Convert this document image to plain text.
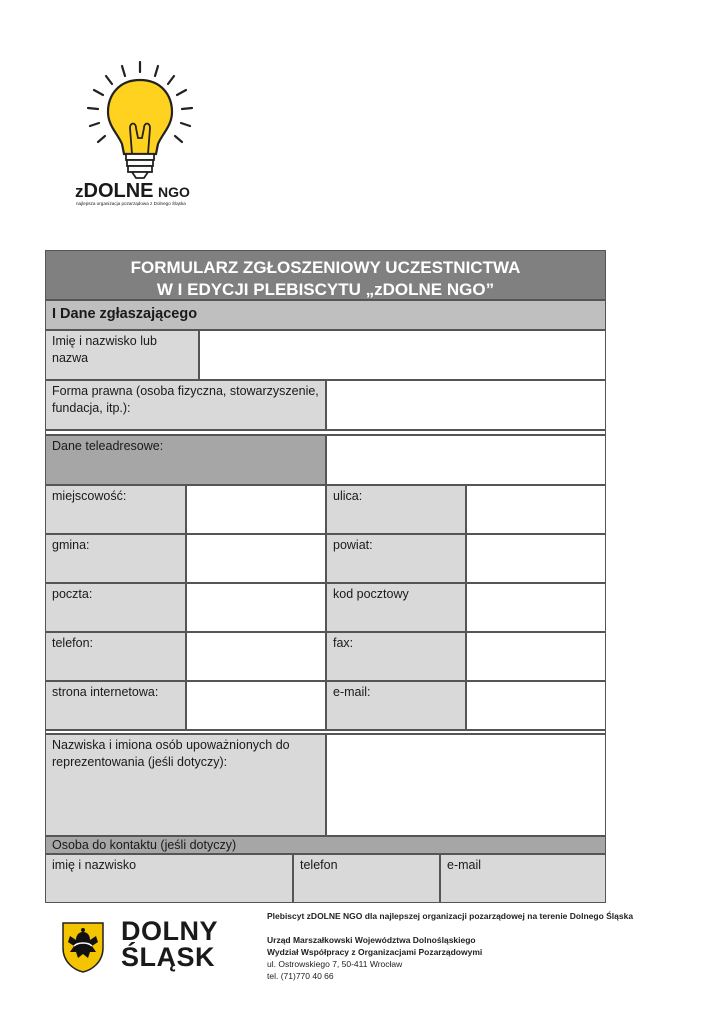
zDOLNE NGO
najlepsza organizacja pozarządowa z Dolnego Śląska
FORMULARZ ZGŁOSZENIOWY UCZESTNICTWA
W I EDYCJI PLEBISCYTU „zDOLNE NGO”
I Dane zgłaszającego
Imię i nazwisko lub nazwa
Forma prawna (osoba fizyczna, stowarzyszenie, fundacja, itp.):
Dane teleadresowe:
miejscowość:	ulica:
gmina:	powiat:
poczta:	kod pocztowy
telefon:	fax:
strona internetowa:	e-mail:
Nazwiska i imiona osób upoważnionych do reprezentowania (jeśli dotyczy):
Osoba do kontaktu (jeśli dotyczy)
imię i nazwisko	telefon	e-mail
DOLNY
ŚLĄSK
Plebiscyt zDOLNE NGO dla najlepszej organizacji pozarządowej na terenie Dolnego Śląska
Urząd Marszałkowski Województwa Dolnośląskiego
Wydział Współpracy z Organizacjami Pozarządowymi
ul. Ostrowskiego 7, 50-411 Wrocław
tel. (71)770 40 66
